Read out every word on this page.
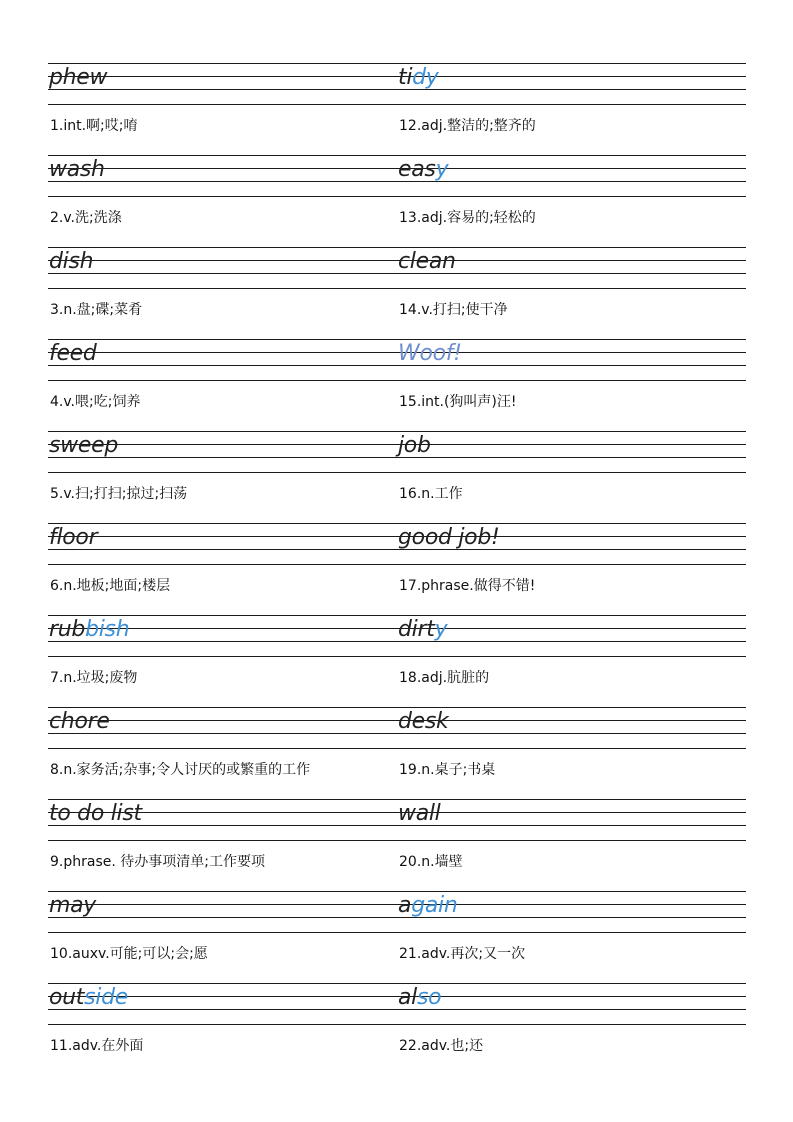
phew
1.int.啊;哎;唷
wash
2.v.洗;洗涤
dish
3.n.盘;碟;菜肴
feed
4.v.喂;吃;饲养
sweep
5.v.扫;打扫;掠过;扫荡
floor
6.n.地板;地面;楼层
rubbish
7.n.垃圾;废物
chore
8.n.家务活;杂事;令人讨厌的或繁重的工作
to do list
9.phrase. 待办事项清单;工作要项
may
10.auxv.可能;可以;会;愿
outside
11.adv.在外面
tidy
12.adj.整洁的;整齐的
easy
13.adj.容易的;轻松的
clean
14.v.打扫;使干净
Woof!
15.int.(狗叫声)汪!
job
16.n.工作
good job!
17.phrase.做得不错!
dirty
18.adj.肮脏的
desk
19.n.桌子;书桌
wall
20.n.墙壁
again
21.adv.再次;又一次
also
22.adv.也;还
